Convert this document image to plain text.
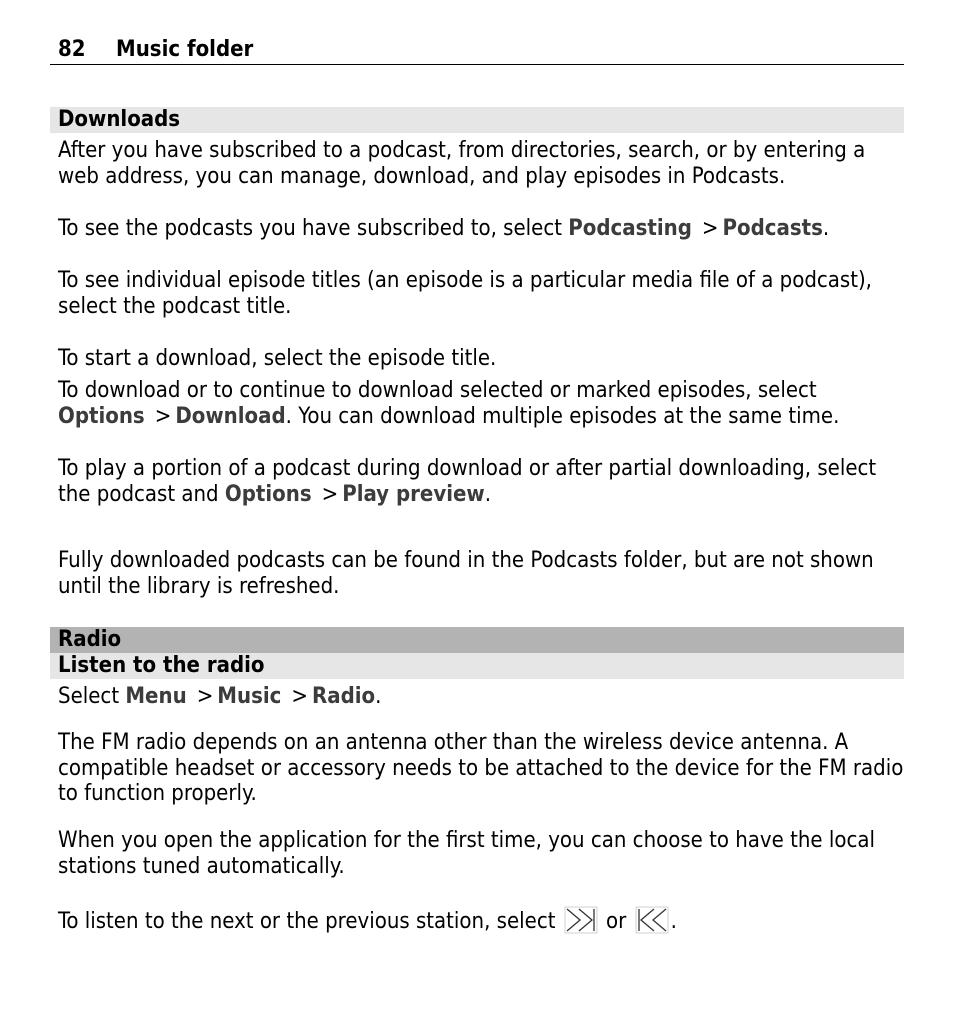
82 Music folder
Downloads

After you have subscribed to a podcast, from directories, search, or by entering a web address, you can manage, download, and play episodes in Podcasts.

To see the podcasts you have subscribed to, select Podcasting > Podcasts.

To see individual episode titles (an episode is a particular media file of a podcast), select the podcast title.

To start a download, select the episode title.

To download or to continue to download selected or marked episodes, select Options > Download. You can download multiple episodes at the same time.

To play a portion of a podcast during download or after partial downloading, select the podcast and Options > Play preview.

Fully downloaded podcasts can be found in the Podcasts folder, but are not shown until the library is refreshed.

Radio
Listen to the radio

Select Menu > Music > Radio.

The FM radio depends on an antenna other than the wireless device antenna. A compatible headset or accessory needs to be attached to the device for the FM radio to function properly.

When you open the application for the first time, you can choose to have the local stations tuned automatically.

To listen to the next or the previous station, select  or .
